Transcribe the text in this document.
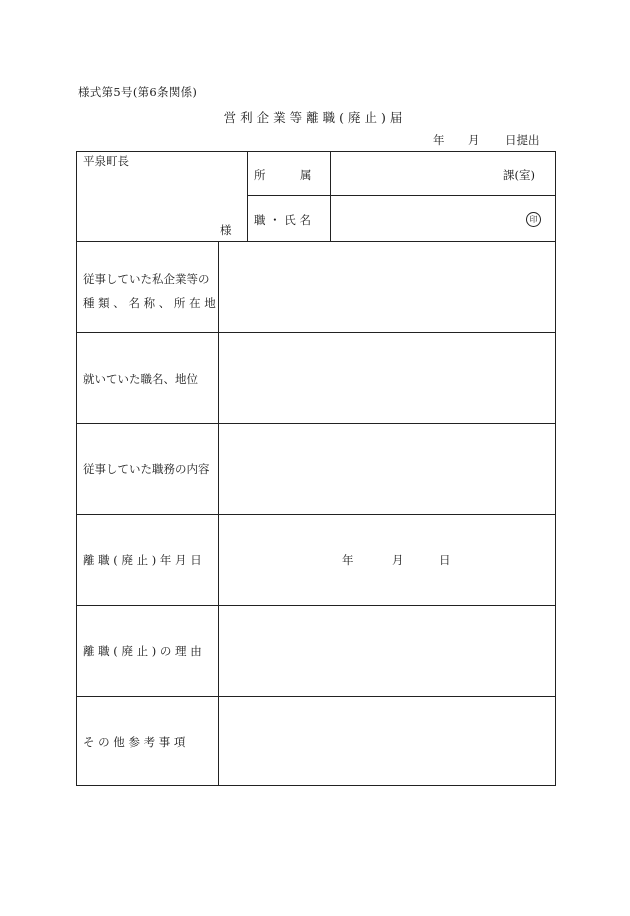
様式第5号(第6条関係)
営利企業等離職(廃止)届
年 月 日提出
平泉町長
様
所　　　属	課(室)
職 ・ 氏 名	印
従事していた私企業等の
種 類 、 名 称 、 所 在 地
就いていた職名、地位
従事していた職務の内容
離 職 ( 廃 止 ) 年 月 日	年	月	日
離 職 ( 廃 止 ) の 理 由
そ の 他 参 考 事 項
